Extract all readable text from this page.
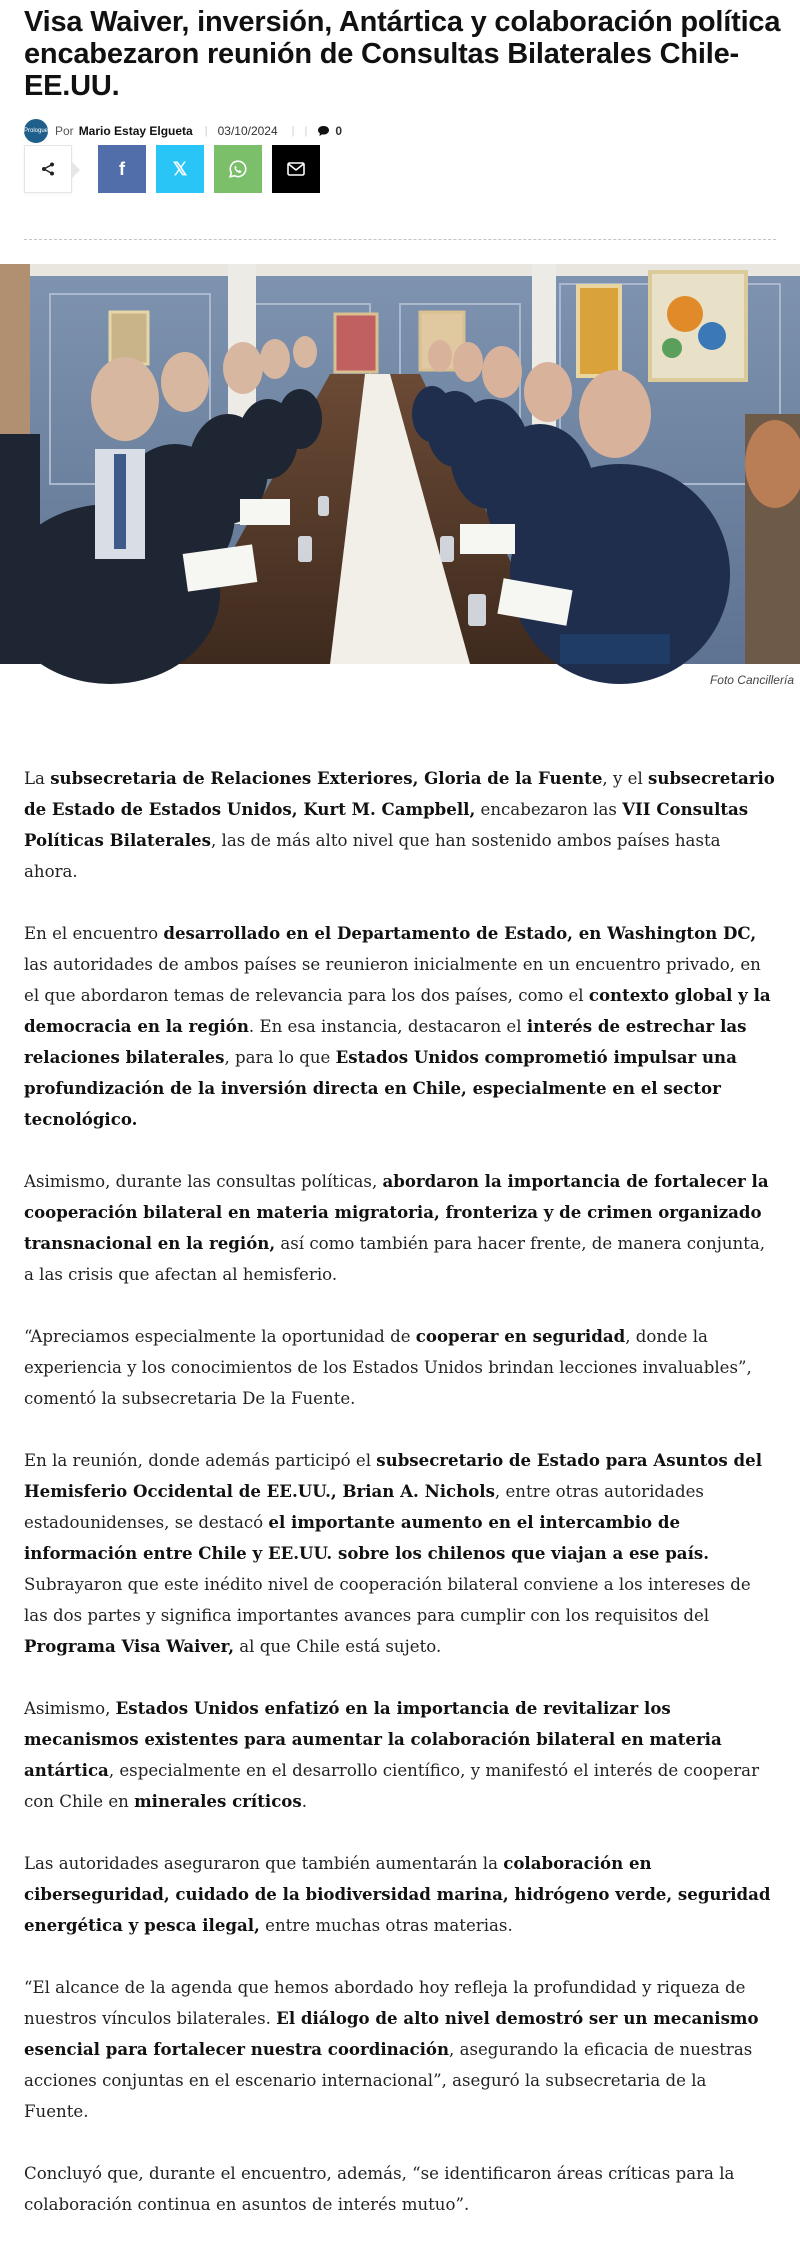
Visa Waiver, inversión, Antártica y colaboración política encabezaron reunión de Consultas Bilaterales Chile-EE.UU.
Prologue Por Mario Estay Elgueta | 03/10/2024 | | 0
f	𝕏
Foto Cancillería

La subsecretaria de Relaciones Exteriores, Gloria de la Fuente, y el subsecretario de Estado de Estados Unidos, Kurt M. Campbell, encabezaron las VII Consultas Políticas Bilaterales, las de más alto nivel que han sostenido ambos países hasta ahora.

En el encuentro desarrollado en el Departamento de Estado, en Washington DC, las autoridades de ambos países se reunieron inicialmente en un encuentro privado, en el que abordaron temas de relevancia para los dos países, como el contexto global y la democracia en la región. En esa instancia, destacaron el interés de estrechar las relaciones bilaterales, para lo que Estados Unidos comprometió impulsar una profundización de la inversión directa en Chile, especialmente en el sector tecnológico.

Asimismo, durante las consultas políticas, abordaron la importancia de fortalecer la cooperación bilateral en materia migratoria, fronteriza y de crimen organizado transnacional en la región, así como también para hacer frente, de manera conjunta, a las crisis que afectan al hemisferio.

“Apreciamos especialmente la oportunidad de cooperar en seguridad, donde la experiencia y los conocimientos de los Estados Unidos brindan lecciones invaluables”, comentó la subsecretaria De la Fuente.

En la reunión, donde además participó el subsecretario de Estado para Asuntos del Hemisferio Occidental de EE.UU., Brian A. Nichols, entre otras autoridades estadounidenses, se destacó el importante aumento en el intercambio de información entre Chile y EE.UU. sobre los chilenos que viajan a ese país. Subrayaron que este inédito nivel de cooperación bilateral conviene a los intereses de las dos partes y significa importantes avances para cumplir con los requisitos del Programa Visa Waiver, al que Chile está sujeto.

Asimismo, Estados Unidos enfatizó en la importancia de revitalizar los mecanismos existentes para aumentar la colaboración bilateral en materia antártica, especialmente en el desarrollo científico, y manifestó el interés de cooperar con Chile en minerales críticos.

Las autoridades aseguraron que también aumentarán la colaboración en ciberseguridad, cuidado de la biodiversidad marina, hidrógeno verde, seguridad energética y pesca ilegal, entre muchas otras materias.

“El alcance de la agenda que hemos abordado hoy refleja la profundidad y riqueza de nuestros vínculos bilaterales. El diálogo de alto nivel demostró ser un mecanismo esencial para fortalecer nuestra coordinación, asegurando la eficacia de nuestras acciones conjuntas en el escenario internacional”, aseguró la subsecretaria de la Fuente.

Concluyó que, durante el encuentro, además, “se identificaron áreas críticas para la colaboración continua en asuntos de interés mutuo”.
